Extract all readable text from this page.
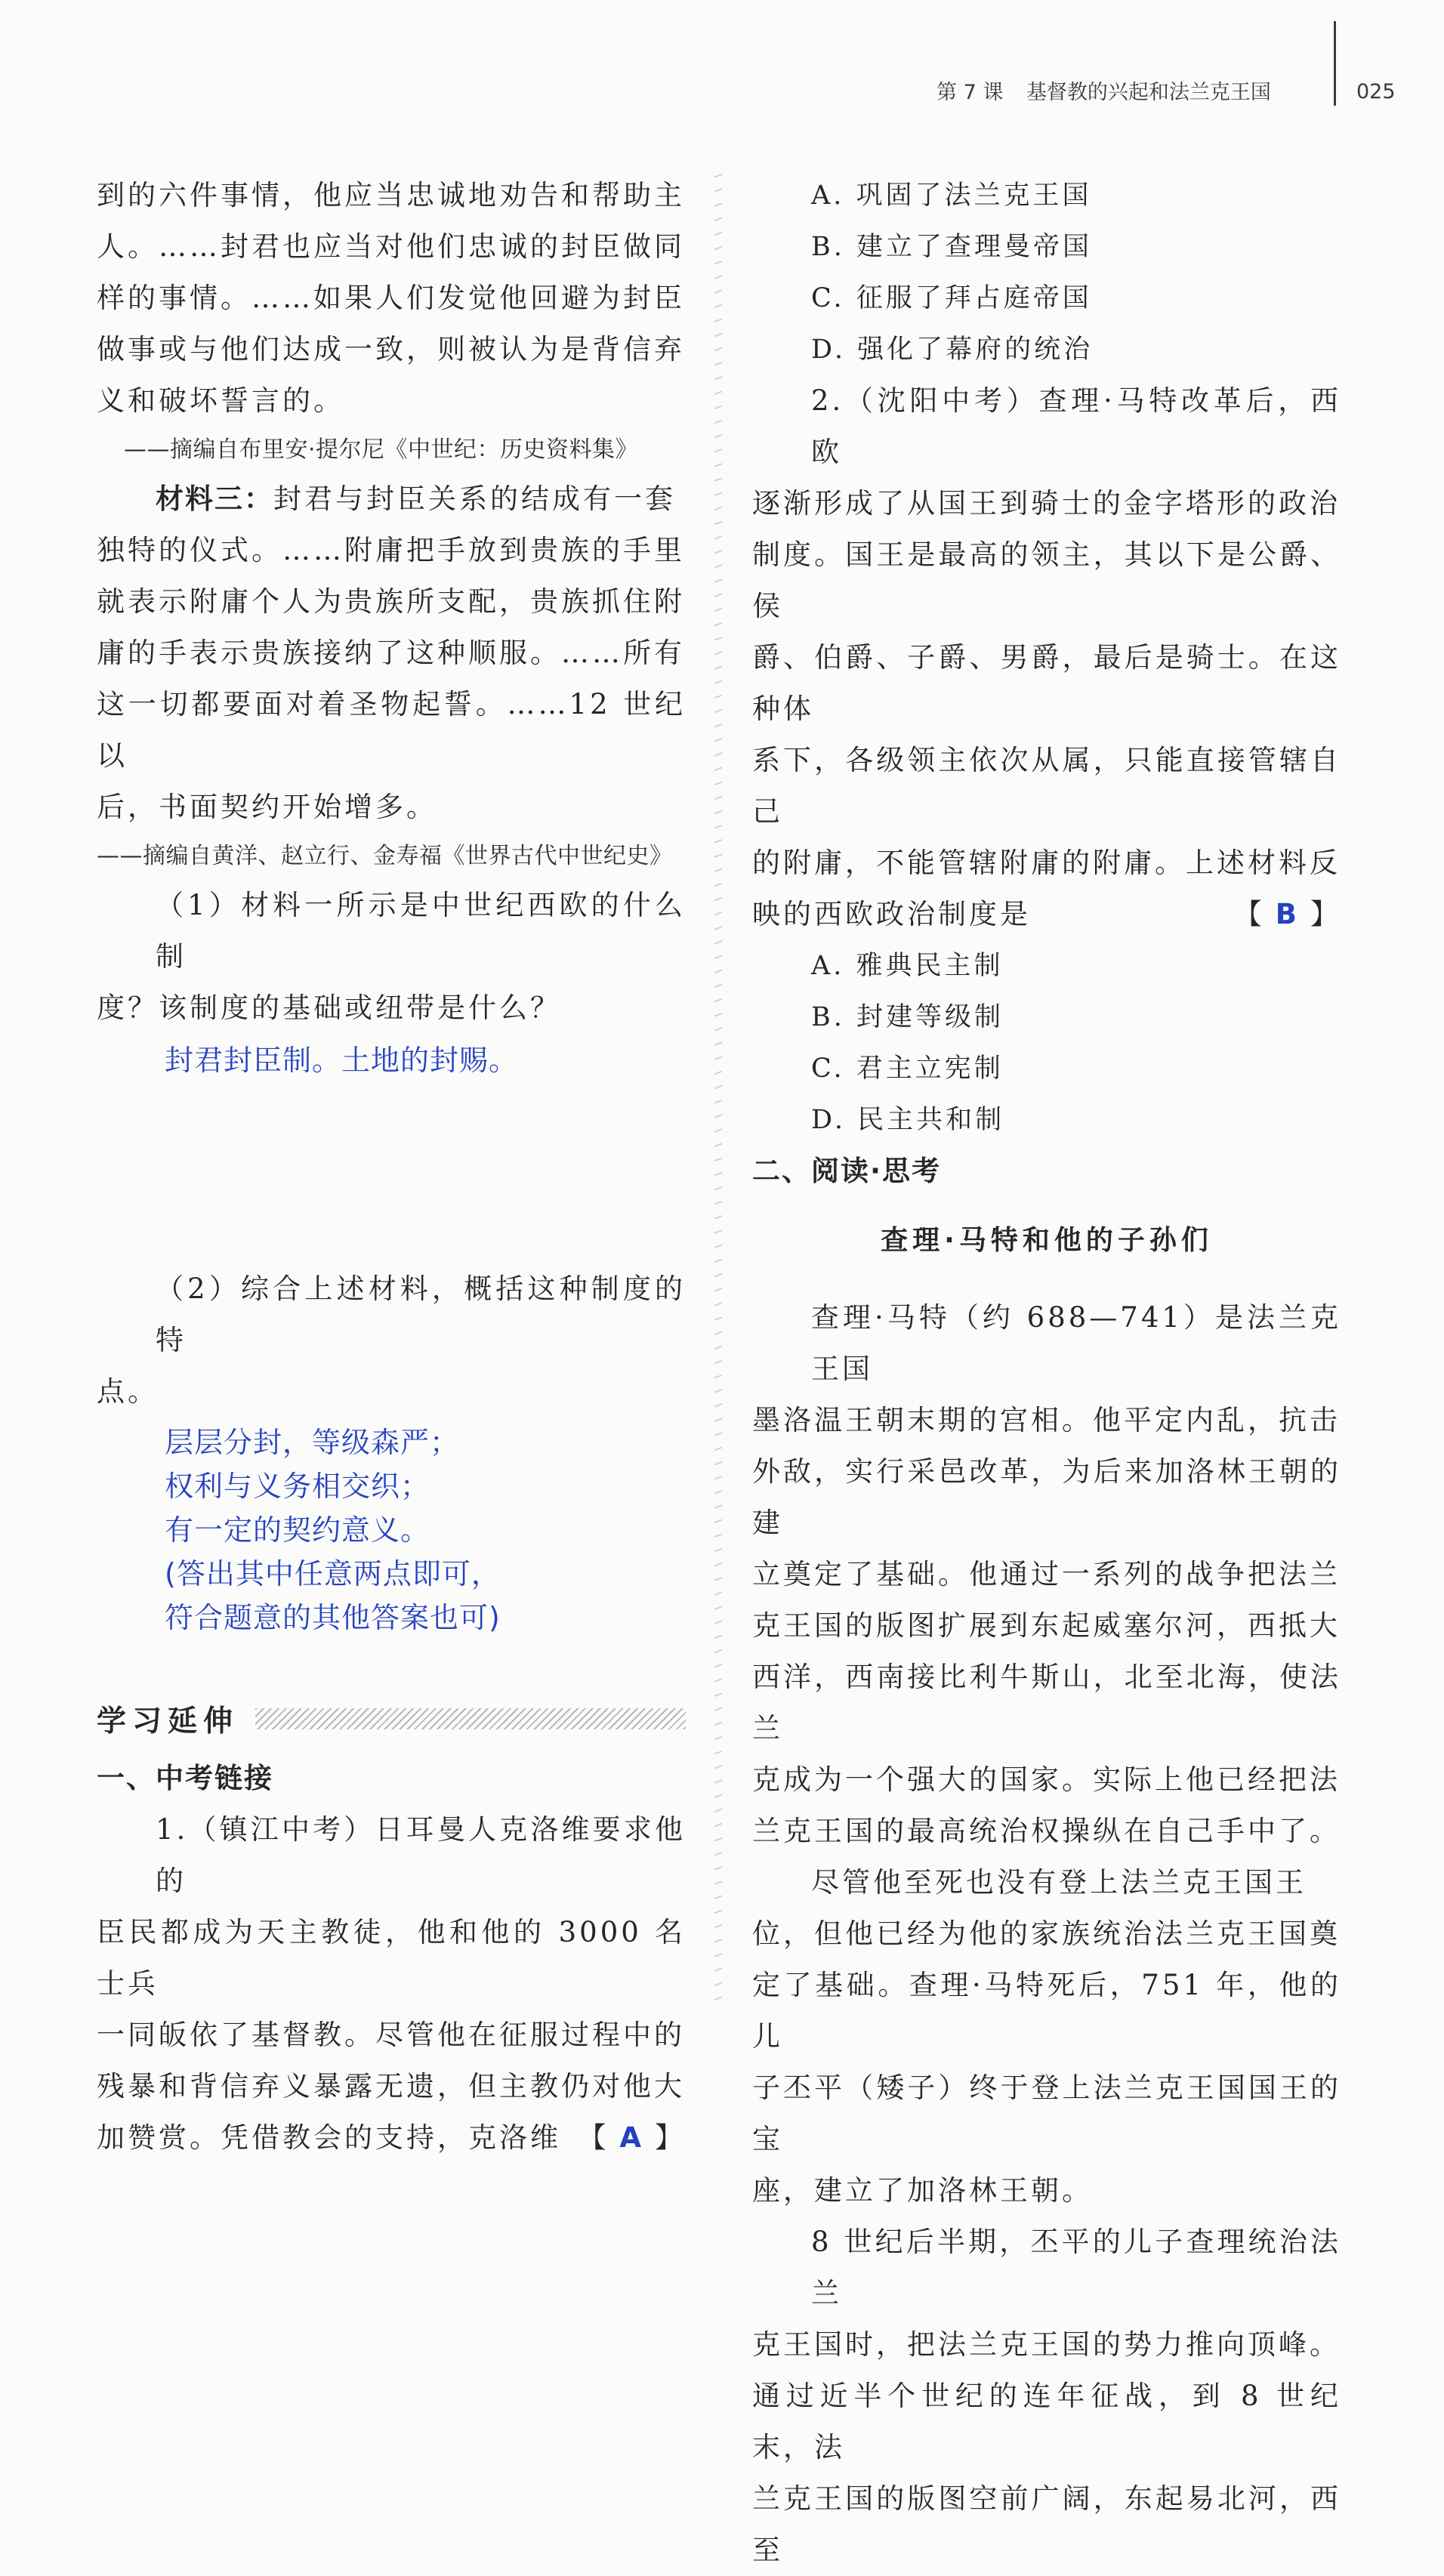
第 7 课 基督教的兴起和法兰克王国	025

到的六件事情，他应当忠诚地劝告和帮助主
人。……封君也应当对他们忠诚的封臣做同
样的事情。……如果人们发觉他回避为封臣
做事或与他们达成一致，则被认为是背信弃
义和破坏誓言的。

——摘编自布里安·提尔尼《中世纪：历史资料集》

材料三：封君与封臣关系的结成有一套

独特的仪式。……附庸把手放到贵族的手里
就表示附庸个人为贵族所支配，贵族抓住附
庸的手表示贵族接纳了这种顺服。……所有
这一切都要面对着圣物起誓。……12 世纪以
后，书面契约开始增多。

——摘编自黄洋、赵立行、金寿福《世界古代中世纪史》

（1）材料一所示是中世纪西欧的什么制
度？该制度的基础或纽带是什么？

封君封臣制。土地的封赐。

（2）综合上述材料，概括这种制度的特
点。

层层分封，等级森严；

权利与义务相交织；

有一定的契约意义。

(答出其中任意两点即可，

符合题意的其他答案也可)

学习延伸

一、中考链接

1.（镇江中考）日耳曼人克洛维要求他的
臣民都成为天主教徒，他和他的 3000 名士兵
一同皈依了基督教。尽管他在征服过程中的
残暴和背信弃义暴露无遗，但主教仍对他大

加赞赏。凭借教会的支持，克洛维 【 A 】

A. 巩固了法兰克王国

B. 建立了查理曼帝国

C. 征服了拜占庭帝国

D. 强化了幕府的统治

2.（沈阳中考）查理·马特改革后，西欧
逐渐形成了从国王到骑士的金字塔形的政治
制度。国王是最高的领主，其以下是公爵、侯
爵、伯爵、子爵、男爵，最后是骑士。在这种体
系下，各级领主依次从属，只能直接管辖自己
的附庸，不能管辖附庸的附庸。上述材料反

映的西欧政治制度是	【 B 】

A. 雅典民主制

B. 封建等级制

C. 君主立宪制

D. 民主共和制

二、阅读·思考

查理·马特和他的子孙们

查理·马特（约 688—741）是法兰克王国
墨洛温王朝末期的宫相。他平定内乱，抗击
外敌，实行采邑改革，为后来加洛林王朝的建
立奠定了基础。他通过一系列的战争把法兰
克王国的版图扩展到东起威塞尔河，西抵大
西洋，西南接比利牛斯山，北至北海，使法兰
克成为一个强大的国家。实际上他已经把法
兰克王国的最高统治权操纵在自己手中了。

尽管他至死也没有登上法兰克王国王
位，但他已经为他的家族统治法兰克王国奠
定了基础。查理·马特死后，751 年，他的儿
子丕平（矮子）终于登上法兰克王国国王的宝
座，建立了加洛林王朝。

8 世纪后半期，丕平的儿子查理统治法兰
克王国时，把法兰克王国的势力推向顶峰。
通过近半个世纪的连年征战，到 8 世纪末，法
兰克王国的版图空前广阔，东起易北河，西至
